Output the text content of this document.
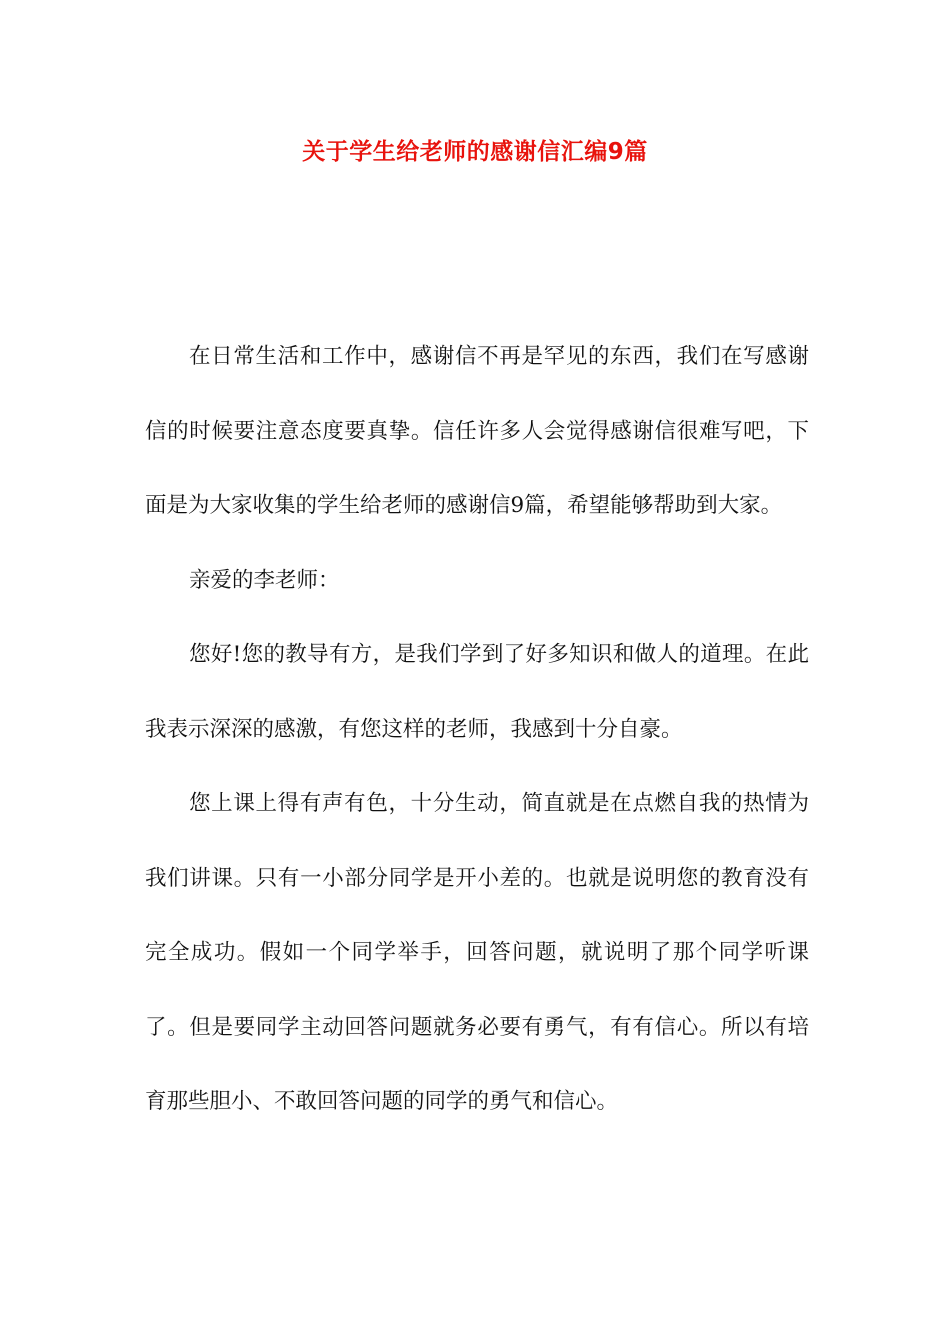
关于学生给老师的感谢信汇编9篇

在日常生活和工作中，感谢信不再是罕见的东西，我们在写感谢信的时候要注意态度要真挚。信任许多人会觉得感谢信很难写吧，下面是为大家收集的学生给老师的感谢信9篇，希望能够帮助到大家。

亲爱的李老师：

您好!您的教导有方，是我们学到了好多知识和做人的道理。在此我表示深深的感激，有您这样的老师，我感到十分自豪。

您上课上得有声有色，十分生动，简直就是在点燃自我的热情为我们讲课。只有一小部分同学是开小差的。也就是说明您的教育没有完全成功。假如一个同学举手，回答问题，就说明了那个同学听课了。但是要同学主动回答问题就务必要有勇气，有有信心。所以有培育那些胆小、不敢回答问题的同学的勇气和信心。
